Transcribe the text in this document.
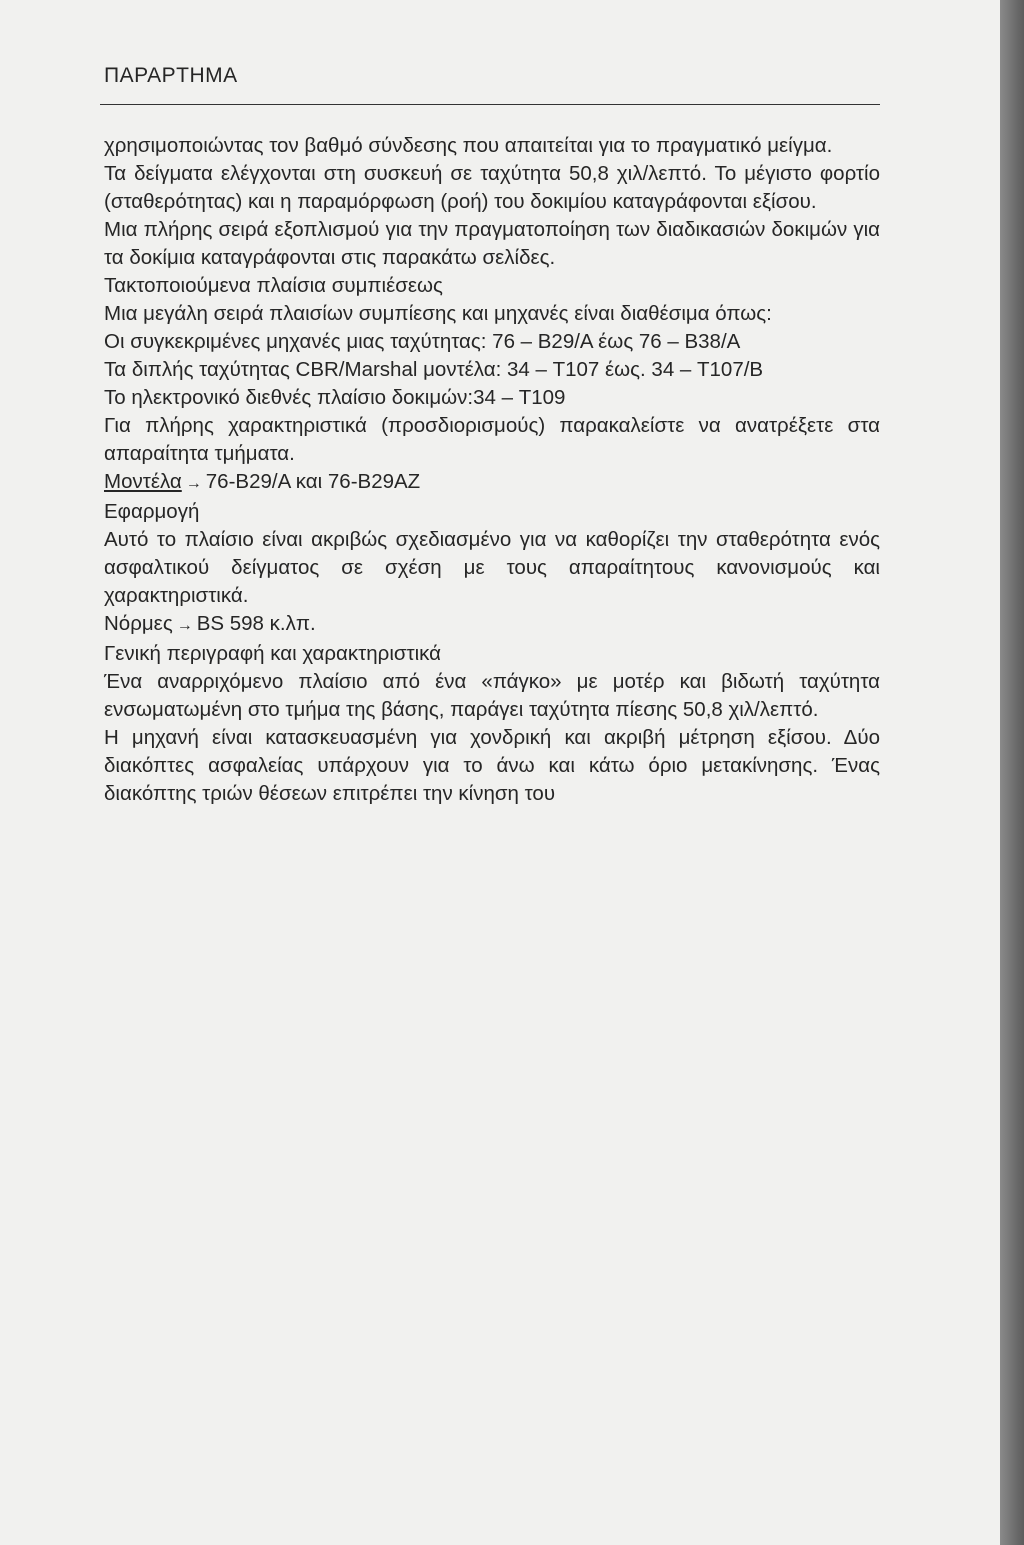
ΠΑΡΑΡΤΗΜΑ

χρησιμοποιώντας τον βαθμό σύνδεσης που απαιτείται για το πραγματικό μείγμα.

Τα δείγματα ελέγχονται στη συσκευή σε ταχύτητα 50,8 χιλ/λεπτό. Το μέγιστο φορτίο (σταθερότητας) και η παραμόρφωση (ροή) του δοκιμίου καταγράφονται εξίσου.

Μια πλήρης σειρά εξοπλισμού για την πραγματοποίηση των διαδικασιών δοκιμών για τα δοκίμια καταγράφονται στις παρακάτω σελίδες.

Τακτοποιούμενα πλαίσια συμπιέσεως

Μια μεγάλη σειρά πλαισίων συμπίεσης και μηχανές είναι διαθέσιμα όπως:

Οι συγκεκριμένες μηχανές μιας ταχύτητας: 76 – B29/A έως 76 – B38/A

Τα διπλής ταχύτητας CBR/Marshal μοντέλα: 34 – T107 έως. 34 – T107/B

Το ηλεκτρονικό διεθνές πλαίσιο δοκιμών:34 – T109

Για πλήρης χαρακτηριστικά (προσδιορισμούς) παρακαλείστε να ανατρέξετε στα απαραίτητα τμήματα.

Μοντέλα → 76-B29/A και 76-B29AZ

Εφαρμογή

Αυτό το πλαίσιο είναι ακριβώς σχεδιασμένο για να καθορίζει την σταθερότητα ενός ασφαλτικού δείγματος σε σχέση με τους απαραίτητους κανονισμούς και χαρακτηριστικά.

Νόρμες → BS 598 κ.λπ.

Γενική περιγραφή και χαρακτηριστικά

Ένα αναρριχόμενο πλαίσιο από ένα «πάγκο» με μοτέρ και βιδωτή ταχύτητα ενσωματωμένη στο τμήμα της βάσης, παράγει ταχύτητα πίεσης 50,8 χιλ/λεπτό.

Η μηχανή είναι κατασκευασμένη για χονδρική και ακριβή μέτρηση εξίσου. Δύο διακόπτες ασφαλείας υπάρχουν για το άνω και κάτω όριο μετακίνησης. Ένας διακόπτης τριών θέσεων επιτρέπει την κίνηση του
